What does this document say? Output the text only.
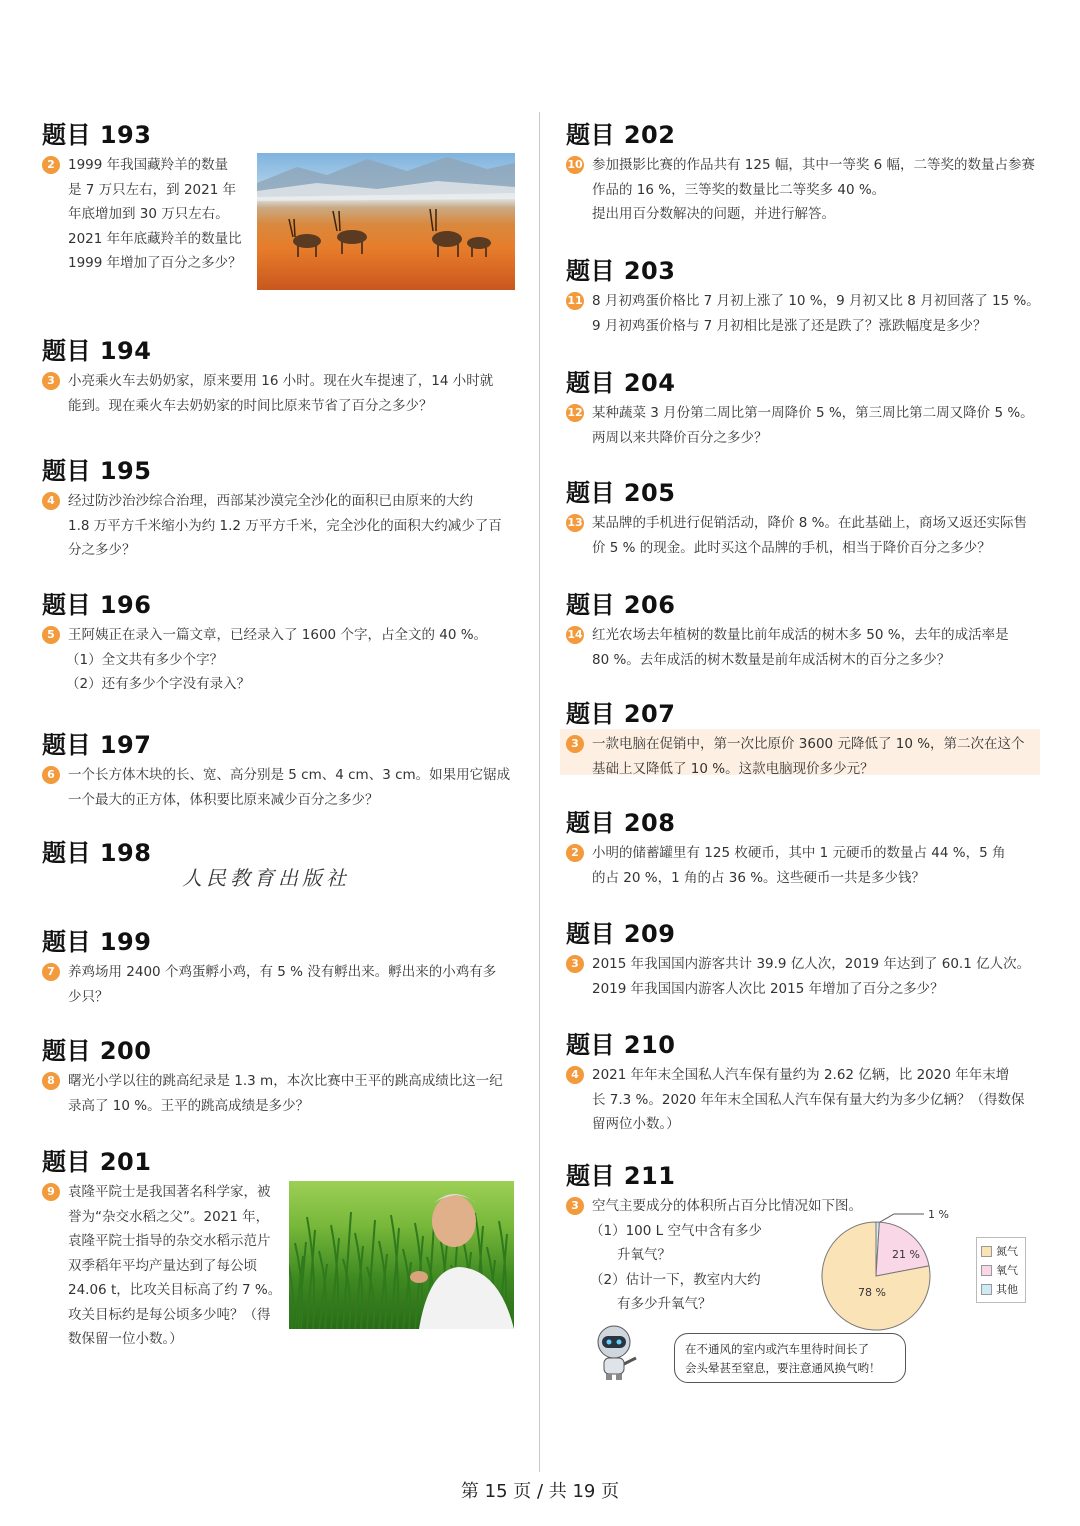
题目 193
2 1999 年我国藏羚羊的数量
是 7 万只左右，到 2021 年
年底增加到 30 万只左右。
2021 年年底藏羚羊的数量比
1999 年增加了百分之多少？
题目 194
3 小亮乘火车去奶奶家，原来要用 16 小时。现在火车提速了，14 小时就
能到。现在乘火车去奶奶家的时间比原来节省了百分之多少？
题目 195
4 经过防沙治沙综合治理，西部某沙漠完全沙化的面积已由原来的大约
1.8 万平方千米缩小为约 1.2 万平方千米，完全沙化的面积大约减少了百
分之多少？
题目 196
5 王阿姨正在录入一篇文章，已经录入了 1600 个字，占全文的 40 %。
（1）全文共有多少个字？
（2）还有多少个字没有录入？
题目 197
6 一个长方体木块的长、宽、高分别是 5 cm、4 cm、3 cm。如果用它锯成
一个最大的正方体，体积要比原来减少百分之多少？
题目 198
题目 199
7 养鸡场用 2400 个鸡蛋孵小鸡，有 5 % 没有孵出来。孵出来的小鸡有多
少只？
题目 200
8 曙光小学以往的跳高纪录是 1.3 m，本次比赛中王平的跳高成绩比这一纪
录高了 10 %。王平的跳高成绩是多少？
题目 201
9 袁隆平院士是我国著名科学家，被
誉为“杂交水稻之父”。2021 年，
袁隆平院士指导的杂交水稻示范片
双季稻年平均产量达到了每公顷
24.06 t，比攻关目标高了约 7 %。
攻关目标约是每公顷多少吨？（得
数保留一位小数。）
人民教育出版社
题目 202
10 参加摄影比赛的作品共有 125 幅，其中一等奖 6 幅，二等奖的数量占参赛
作品的 16 %，三等奖的数量比二等奖多 40 %。
提出用百分数解决的问题，并进行解答。
题目 203
11 8 月初鸡蛋价格比 7 月初上涨了 10 %，9 月初又比 8 月初回落了 15 %。
9 月初鸡蛋价格与 7 月初相比是涨了还是跌了？涨跌幅度是多少？
题目 204
12 某种蔬菜 3 月份第二周比第一周降价 5 %，第三周比第二周又降价 5 %。
两周以来共降价百分之多少？
题目 205
13 某品牌的手机进行促销活动，降价 8 %。在此基础上，商场又返还实际售
价 5 % 的现金。此时买这个品牌的手机，相当于降价百分之多少？
题目 206
14 红光农场去年植树的数量比前年成活的树木多 50 %，去年的成活率是
80 %。去年成活的树木数量是前年成活树木的百分之多少？
题目 207
3 一款电脑在促销中，第一次比原价 3600 元降低了 10 %，第二次在这个
基础上又降低了 10 %。这款电脑现价多少元？
题目 208
2 小明的储蓄罐里有 125 枚硬币，其中 1 元硬币的数量占 44 %，5 角
的占 20 %，1 角的占 36 %。这些硬币一共是多少钱？
题目 209
3 2015 年我国国内游客共计 39.9 亿人次，2019 年达到了 60.1 亿人次。
2019 年我国国内游客人次比 2015 年增加了百分之多少？
题目 210
4 2021 年年末全国私人汽车保有量约为 2.62 亿辆，比 2020 年年末增
长 7.3 %。2020 年年末全国私人汽车保有量大约为多少亿辆？（得数保
留两位小数。）
题目 211
3 空气主要成分的体积所占百分比情况如下图。
（1）100 L 空气中含有多少
　　升氧气？
（2）估计一下，教室内大约
　　有多少升氧气？
78 %
21 %
1 %
氮气
氧气
其他
在不通风的室内或汽车里待时间长了
会头晕甚至窒息，要注意通风换气哟！
第 15 页 / 共 19 页
